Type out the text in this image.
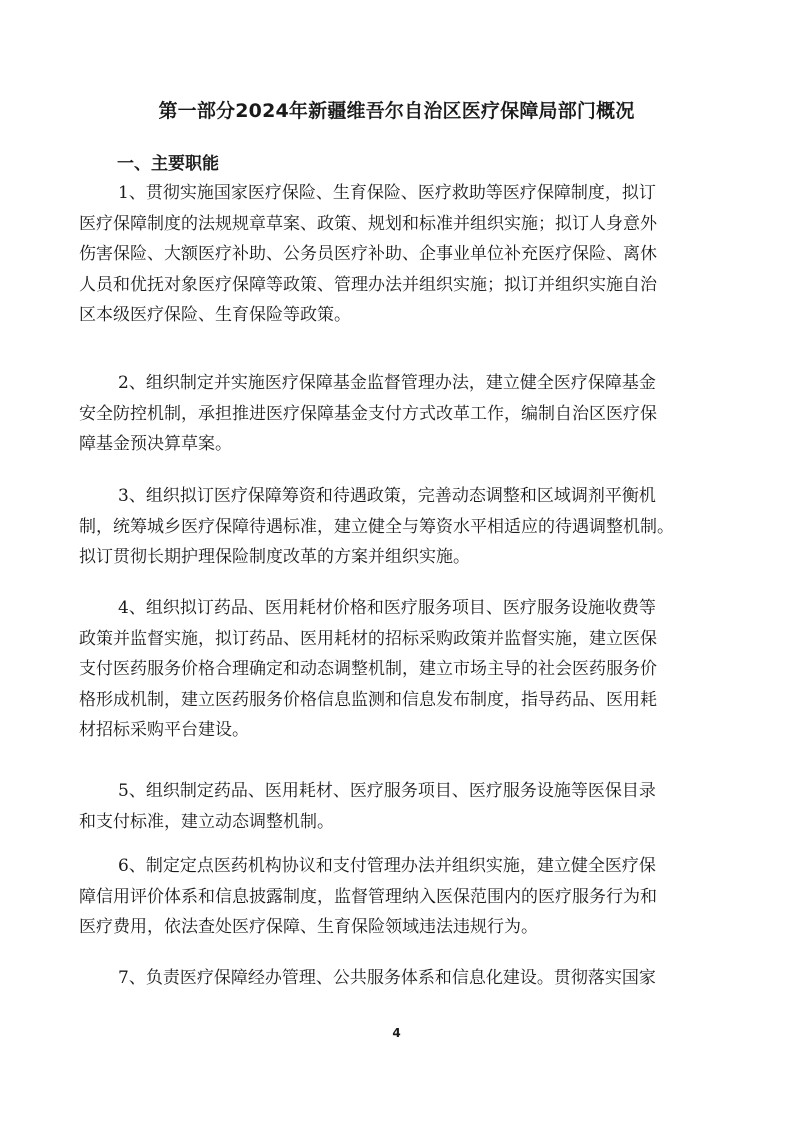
第一部分2024年新疆维吾尔自治区医疗保障局部门概况
一、主要职能
1、贯彻实施国家医疗保险、生育保险、医疗救助等医疗保障制度，拟订
医疗保障制度的法规规章草案、政策、规划和标准并组织实施；拟订人身意外
伤害保险、大额医疗补助、公务员医疗补助、企事业单位补充医疗保险、离休
人员和优抚对象医疗保障等政策、管理办法并组织实施；拟订并组织实施自治
区本级医疗保险、生育保险等政策。
2、组织制定并实施医疗保障基金监督管理办法，建立健全医疗保障基金
安全防控机制，承担推进医疗保障基金支付方式改革工作，编制自治区医疗保
障基金预决算草案。
3、组织拟订医疗保障筹资和待遇政策，完善动态调整和区域调剂平衡机
制，统筹城乡医疗保障待遇标准，建立健全与筹资水平相适应的待遇调整机制。
拟订贯彻长期护理保险制度改革的方案并组织实施。
4、组织拟订药品、医用耗材价格和医疗服务项目、医疗服务设施收费等
政策并监督实施，拟订药品、医用耗材的招标采购政策并监督实施，建立医保
支付医药服务价格合理确定和动态调整机制，建立市场主导的社会医药服务价
格形成机制，建立医药服务价格信息监测和信息发布制度，指导药品、医用耗
材招标采购平台建设。
5、组织制定药品、医用耗材、医疗服务项目、医疗服务设施等医保目录
和支付标准，建立动态调整机制。
6、制定定点医药机构协议和支付管理办法并组织实施，建立健全医疗保
障信用评价体系和信息披露制度，监督管理纳入医保范围内的医疗服务行为和
医疗费用，依法查处医疗保障、生育保险领域违法违规行为。
7、负责医疗保障经办管理、公共服务体系和信息化建设。贯彻落实国家
4
